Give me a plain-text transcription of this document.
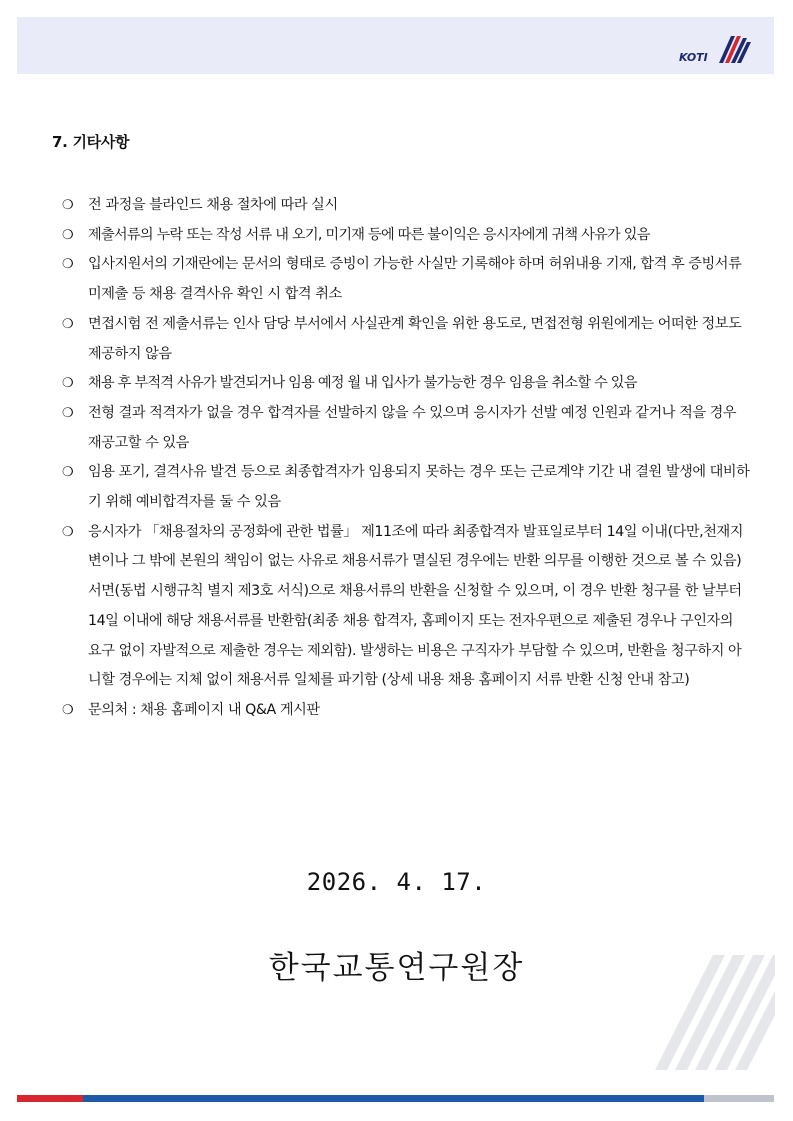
KOTI
7. 기타사항
❍ 전 과정을 블라인드 채용 절차에 따라 실시
❍ 제출서류의 누락 또는 작성 서류 내 오기, 미기재 등에 따른 불이익은 응시자에게 귀책 사유가 있음
❍ 입사지원서의 기재란에는 문서의 형태로 증빙이 가능한 사실만 기록해야 하며 허위내용 기재, 합격 후 증빙서류 미제출 등 채용 결격사유 확인 시 합격 취소
❍ 면접시험 전 제출서류는 인사 담당 부서에서 사실관계 확인을 위한 용도로, 면접전형 위원에게는 어떠한 정보도 제공하지 않음
❍ 채용 후 부적격 사유가 발견되거나 임용 예정 월 내 입사가 불가능한 경우 임용을 취소할 수 있음
❍ 전형 결과 적격자가 없을 경우 합격자를 선발하지 않을 수 있으며 응시자가 선발 예정 인원과 같거나 적을 경우 재공고할 수 있음
❍ 임용 포기, 결격사유 발견 등으로 최종합격자가 임용되지 못하는 경우 또는 근로계약 기간 내 결원 발생에 대비하기 위해 예비합격자를 둘 수 있음
❍ 응시자가 「채용절차의 공정화에 관한 법률」 제11조에 따라 최종합격자 발표일로부터 14일 이내(다만,천재지변이나 그 밖에 본원의 책임이 없는 사유로 채용서류가 멸실된 경우에는 반환 의무를 이행한 것으로 볼 수 있음) 서면(동법 시행규칙 별지 제3호 서식)으로 채용서류의 반환을 신청할 수 있으며, 이 경우 반환 청구를 한 날부터 14일 이내에 해당 채용서류를 반환함(최종 채용 합격자, 홈페이지 또는 전자우편으로 제출된 경우나 구인자의 요구 없이 자발적으로 제출한 경우는 제외함). 발생하는 비용은 구직자가 부담할 수 있으며, 반환을 청구하지 아니할 경우에는 지체 없이 채용서류 일체를 파기함 (상세 내용 채용 홈페이지 서류 반환 신청 안내 참고)
❍ 문의처 : 채용 홈페이지 내 Q&A 게시판
2026. 4. 17.
한국교통연구원장
